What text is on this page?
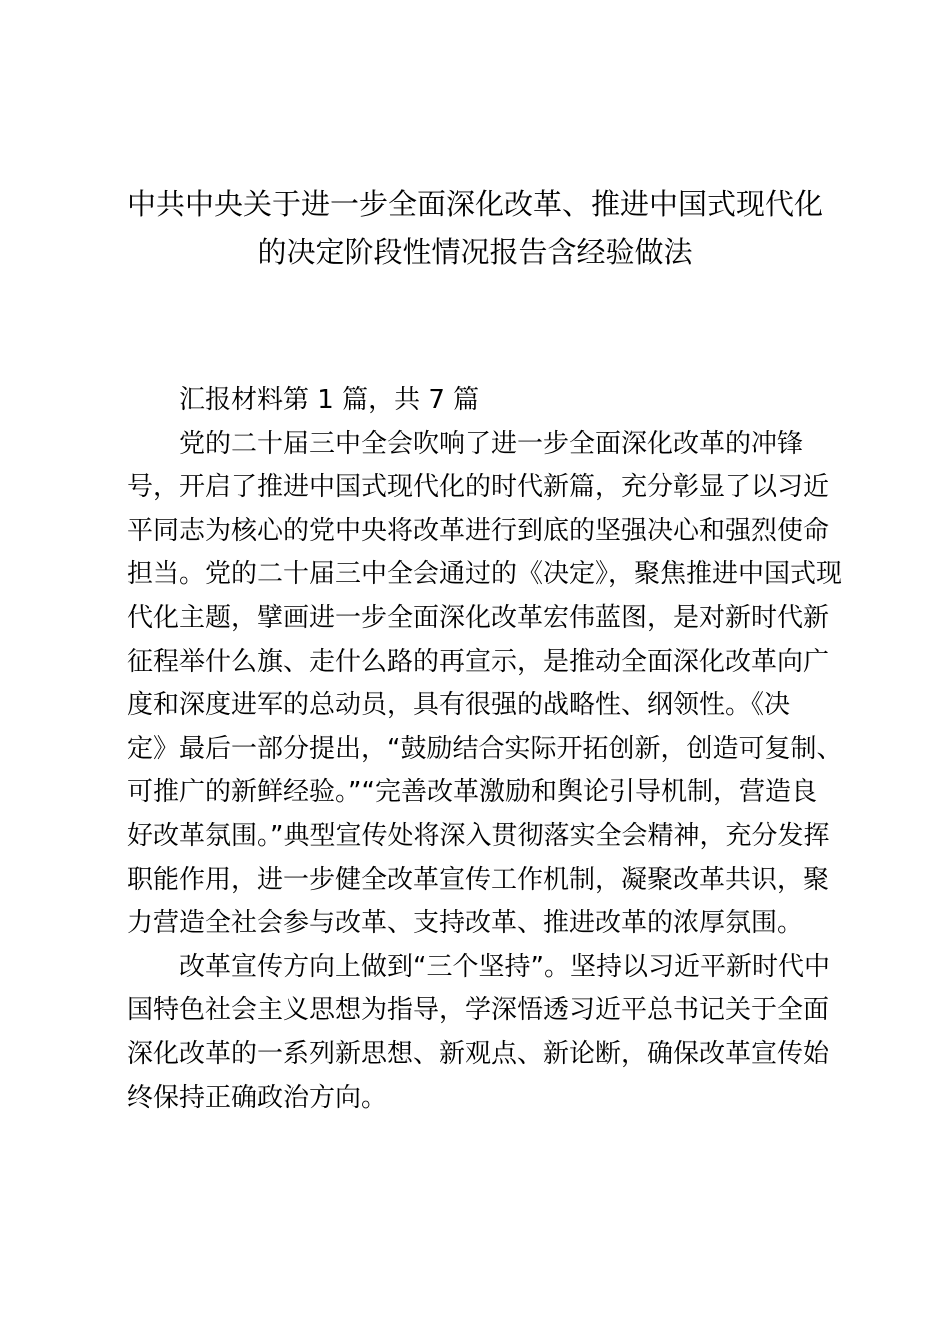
中共中央关于进一步全面深化改革、推进中国式现代化
的决定阶段性情况报告含经验做法
汇报材料第 1 篇，共 7 篇
党的二十届三中全会吹响了进一步全面深化改革的冲锋
号，开启了推进中国式现代化的时代新篇，充分彰显了以习近
平同志为核心的党中央将改革进行到底的坚强决心和强烈使命
担当。党的二十届三中全会通过的《决定》，聚焦推进中国式现
代化主题，擘画进一步全面深化改革宏伟蓝图，是对新时代新
征程举什么旗、走什么路的再宣示，是推动全面深化改革向广
度和深度进军的总动员，具有很强的战略性、纲领性。《决
定》最后一部分提出，“鼓励结合实际开拓创新，创造可复制、
可推广的新鲜经验。”“完善改革激励和舆论引导机制，营造良
好改革氛围。”典型宣传处将深入贯彻落实全会精神，充分发挥
职能作用，进一步健全改革宣传工作机制，凝聚改革共识，聚
力营造全社会参与改革、支持改革、推进改革的浓厚氛围。
改革宣传方向上做到“三个坚持”。坚持以习近平新时代中
国特色社会主义思想为指导，学深悟透习近平总书记关于全面
深化改革的一系列新思想、新观点、新论断，确保改革宣传始
终保持正确政治方向。
